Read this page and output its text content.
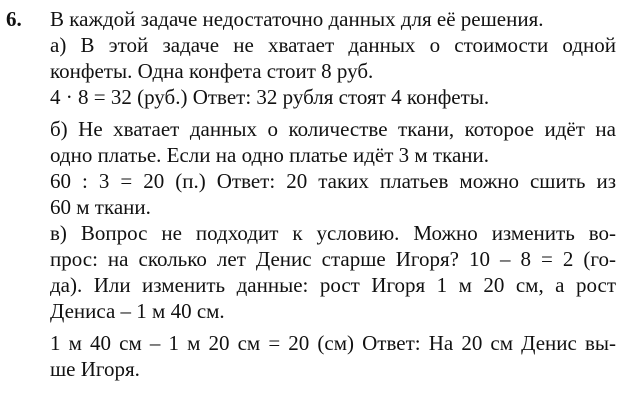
6. В каждой задаче недостаточно данных для её решения.
а) В этой задаче не хватает данных о стоимости одной
конфеты. Одна конфета стоит 8 руб.
4 · 8 = 32 (руб.) Ответ: 32 рубля стоят 4 конфеты.
б) Не хватает данных о количестве ткани, которое идёт на
одно платье. Если на одно платье идёт 3 м ткани.
60 : 3 = 20 (п.) Ответ: 20 таких платьев можно сшить из
60 м ткани.
в) Вопрос не подходит к условию. Можно изменить во-
прос: на сколько лет Денис старше Игоря? 10 – 8 = 2 (го-
да). Или изменить данные: рост Игоря 1 м 20 см, а рост
Дениса – 1 м 40 см.
1 м 40 см – 1 м 20 см = 20 (см) Ответ: На 20 см Денис вы-
ше Игоря.
